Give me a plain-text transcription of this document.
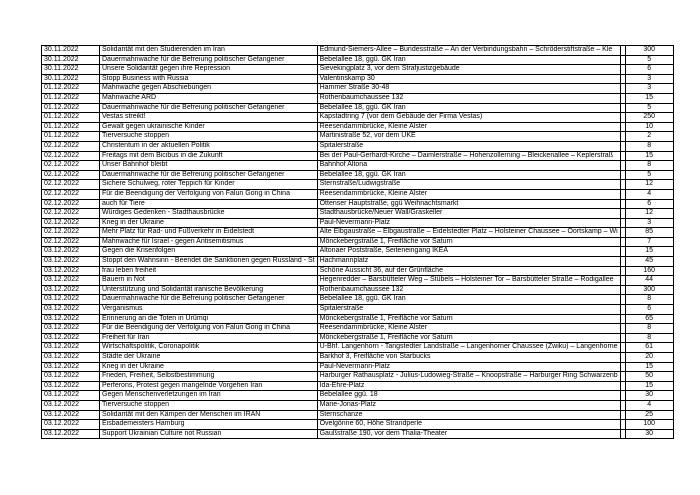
30.11.2022	Solidarität mit den Studierenden im Iran	Edmund-Siemers-Allee – Bundesstraße – An der Verbindungsbahn – Schröderstiftstraße – Kle		300
30.11.2022	Dauermahnwache für die Befreiung politischer Gefangener	Bebelallee 18, ggü. GK Iran		5
30.11.2022	Unsere Solidarität gegen ihre Repression	Sievekingplatz 3, vor dem Strafjustizgebäude		6
30.11.2022	Stopp Business with Russia	Valentinskamp 30		3
01.12.2022	Mahnwache gegen Abschiebungen	Hammer Straße 30-48		3
01.12.2022	Mahnwache ARD	Rothenbaumchaussee 132		15
01.12.2022	Dauermahnwache für die Befreiung politischer Gefangener	Bebelallee 18, ggü. GK Iran		5
01.12.2022	Vestas streikt!	Kapstadtring 7 (vor dem Gebäude der Firma Vestas)		250
01.12.2022	Gewalt gegen ukrainische Kinder	Reesendammbrücke, Kleine Alster		10
01.12.2022	Tierversuche stoppen	Martinistraße 52, vor dem UKE		2
02.12.2022	Christentum in der aktuellen Politik	Spitalerstraße		8
02.12.2022	Freitags mit dem Bicibus in die Zukunft	Bei der Paul-Gerhardt-Kirche – Daimlerstraße – Hohenzollerning – Bleickenallee – Keplerstraß		15
02.12.2022	Unser Bahnhof bleibt	Bahnhof Altona		8
02.12.2022	Dauermahnwache für die Befreiung politischer Gefangener	Bebelallee 18, ggü. GK Iran		5
02.12.2022	Sichere Schulweg, roter Teppich für Kinder	Sternstraße/Ludwigstraße		12
02.12.2022	Für die Beendigung der Verfolgung von Falun Gong in China	Reesendammbrücke, Kleine Alster		4
02.12.2022	auch für Tiere	Ottenser Hauptstraße, ggü Weihnachtsmarkt		6
02.12.2022	Würdiges Gedenken - Stadthausbrücke	Stadthausbrücke/Neuer Wall/Graskeller		12
02.12.2022	Krieg in der Ukraine	Paul-Nevermann-Platz		3
02.12.2022	Mehr Platz für Rad- und Fußverkehr in Eidelstedt	Alte Elbgaustraße – Elbgaustraße – Eidelstedter Platz – Holsteiner Chaussee – Oortskamp – Wi		85
02.12.2022	Mahnwache für Israel - gegen Antisemitismus	Mönckebergstraße 1, Freifläche vor Saturn		7
03.12.2022	Gegen die Krisenfolgen	Altonaer Poststraße, Seiteneingang IKEA		15
03.12.2022	Stoppt den Wahnsinn - Beendet die Sanktionen gegen Russland - St	Hachmannplatz		45
03.12.2022	frau leben freiheit	Schöne Aussicht 36, auf der Grünfläche		160
03.12.2022	Bauern in Not	Hegenredder – Barsbütteler Weg – Stübels – Holsteiner Tor – Barsbütteler Straße – Rodigallee		44
03.12.2022	Unterstützung und Solidarität iranische Bevölkerung	Rothenbaumchaussee 132		300
03.12.2022	Dauermahnwache für die Befreiung politischer Gefangener	Bebelallee 18, ggü. GK Iran		8
03.12.2022	Verganismus	Spitalerstraße		6
03.12.2022	Erinnerung an die Toten in Ürümqi	Mönckebergstraße 1, Freifläche vor Saturn		65
03.12.2022	Für die Beendigung der Verfolgung von Falun Gong in China	Reesendammbrücke, Kleine Alster		8
03.12.2022	Freiheit für Iran	Mönckebergstraße 1, Freifläche vor Saturn		8
03.12.2022	Wirtschaftspolitik, Coronapolitik	U-Bhf. Langenhorn - Tangstedter Landstraße – Langenhorner Chaussee (Zwiku) – Langenhorne		61
03.12.2022	Städte der Ukraine	Barkhof 3, Freifläche von Starbucks		20
03.12.2022	Krieg in der Ukraine	Paul-Nevermann-Platz		15
03.12.2022	Frieden, Freiheit, Selbstbestimmung	Harburger Rathausplatz - Julius-Ludowieg-Straße – Knoopstraße – Harburger Ring Schwarzenb		50
03.12.2022	Perferons, Protest gegen mangelnde Vorgehen Iran	Ida-Ehre-Platz		15
03.12.2022	Gegen Menschenverletzungen im Iran	Bebelallee ggü. 18		30
03.12.2022	Tierversuche stoppen	Marie-Jonas-Platz		4
03.12.2022	Solidarität mit den Kämpen der Menschen im IRAN	Sternschanze		25
03.12.2022	Eisbademeisters Hamburg	Övelgönne 60, Höhe Strandperle		100
03.12.2022	Support Ukrainian Culture not Russian	Gaußstraße 190, vor dem Thalia-Theater		30
